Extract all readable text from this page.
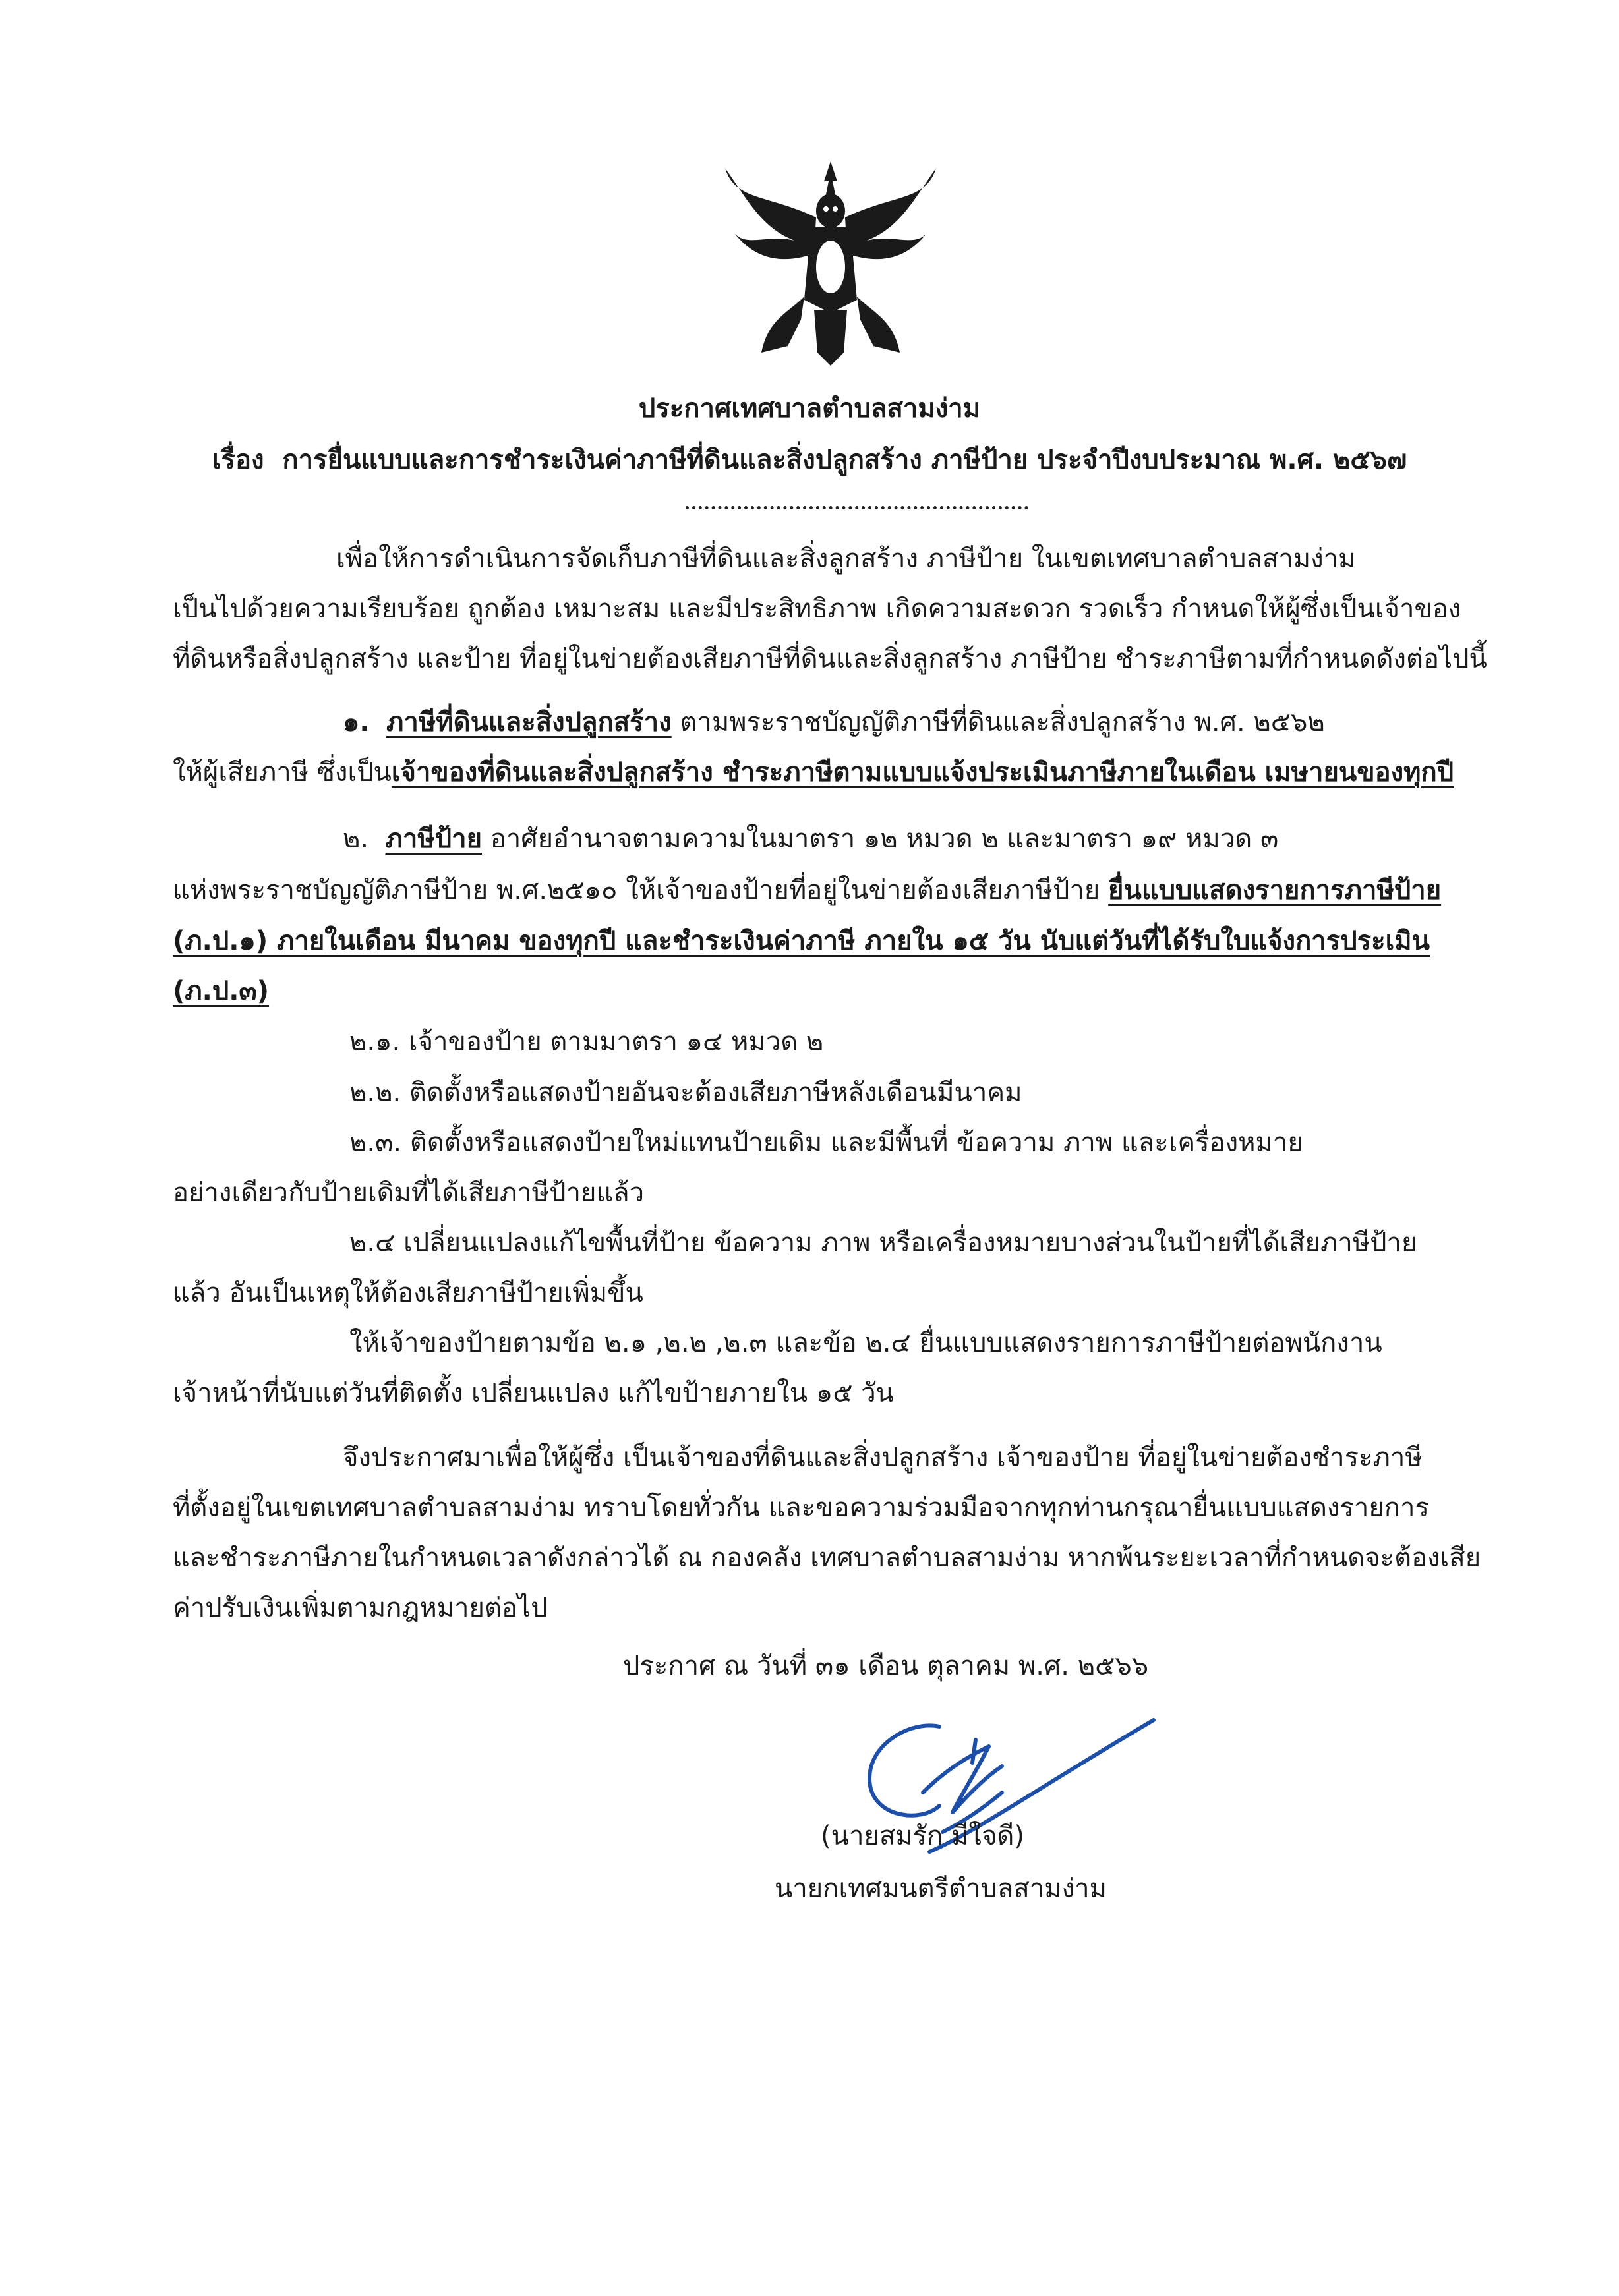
ประกาศเทศบาลตำบลสามง่าม
เรื่อง การยื่นแบบและการชำระเงินค่าภาษีที่ดินและสิ่งปลูกสร้าง ภาษีป้าย ประจำปีงบประมาณ พ.ศ. ๒๕๖๗
เพื่อให้การดำเนินการจัดเก็บภาษีที่ดินและสิ่งลูกสร้าง ภาษีป้าย ในเขตเทศบาลตำบลสามง่าม
เป็นไปด้วยความเรียบร้อย ถูกต้อง เหมาะสม และมีประสิทธิภาพ เกิดความสะดวก รวดเร็ว กำหนดให้ผู้ซึ่งเป็นเจ้าของ
ที่ดินหรือสิ่งปลูกสร้าง และป้าย ที่อยู่ในข่ายต้องเสียภาษีที่ดินและสิ่งลูกสร้าง ภาษีป้าย ชำระภาษีตามที่กำหนดดังต่อไปนี้
๑. ภาษีที่ดินและสิ่งปลูกสร้าง ตามพระราชบัญญัติภาษีที่ดินและสิ่งปลูกสร้าง พ.ศ. ๒๕๖๒
ให้ผู้เสียภาษี ซึ่งเป็นเจ้าของที่ดินและสิ่งปลูกสร้าง ชำระภาษีตามแบบแจ้งประเมินภาษีภายในเดือน เมษายนของทุกปี
๒. ภาษีป้าย อาศัยอำนาจตามความในมาตรา ๑๒ หมวด ๒ และมาตรา ๑๙ หมวด ๓
แห่งพระราชบัญญัติภาษีป้าย พ.ศ.๒๕๑๐ ให้เจ้าของป้ายที่อยู่ในข่ายต้องเสียภาษีป้าย ยื่นแบบแสดงรายการภาษีป้าย
(ภ.ป.๑) ภายในเดือน มีนาคม ของทุกปี และชำระเงินค่าภาษี ภายใน ๑๕ วัน นับแต่วันที่ได้รับใบแจ้งการประเมิน
(ภ.ป.๓)
๒.๑. เจ้าของป้าย ตามมาตรา ๑๔ หมวด ๒
๒.๒. ติดตั้งหรือแสดงป้ายอันจะต้องเสียภาษีหลังเดือนมีนาคม
๒.๓. ติดตั้งหรือแสดงป้ายใหม่แทนป้ายเดิม และมีพื้นที่ ข้อความ ภาพ และเครื่องหมาย
อย่างเดียวกับป้ายเดิมที่ได้เสียภาษีป้ายแล้ว
๒.๔ เปลี่ยนแปลงแก้ไขพื้นที่ป้าย ข้อความ ภาพ หรือเครื่องหมายบางส่วนในป้ายที่ได้เสียภาษีป้าย
แล้ว อันเป็นเหตุให้ต้องเสียภาษีป้ายเพิ่มขึ้น
ให้เจ้าของป้ายตามข้อ ๒.๑ ,๒.๒ ,๒.๓ และข้อ ๒.๔ ยื่นแบบแสดงรายการภาษีป้ายต่อพนักงาน
เจ้าหน้าที่นับแต่วันที่ติดตั้ง เปลี่ยนแปลง แก้ไขป้ายภายใน ๑๕ วัน
จึงประกาศมาเพื่อให้ผู้ซึ่ง เป็นเจ้าของที่ดินและสิ่งปลูกสร้าง เจ้าของป้าย ที่อยู่ในข่ายต้องชำระภาษี
ที่ตั้งอยู่ในเขตเทศบาลตำบลสามง่าม ทราบโดยทั่วกัน และขอความร่วมมือจากทุกท่านกรุณายื่นแบบแสดงรายการ
และชำระภาษีภายในกำหนดเวลาดังกล่าวได้ ณ กองคลัง เทศบาลตำบลสามง่าม หากพ้นระยะเวลาที่กำหนดจะต้องเสีย
ค่าปรับเงินเพิ่มตามกฎหมายต่อไป
ประกาศ ณ วันที่ ๓๑ เดือน ตุลาคม พ.ศ. ๒๕๖๖
(นายสมรัก มีใจดี)
นายกเทศมนตรีตำบลสามง่าม
